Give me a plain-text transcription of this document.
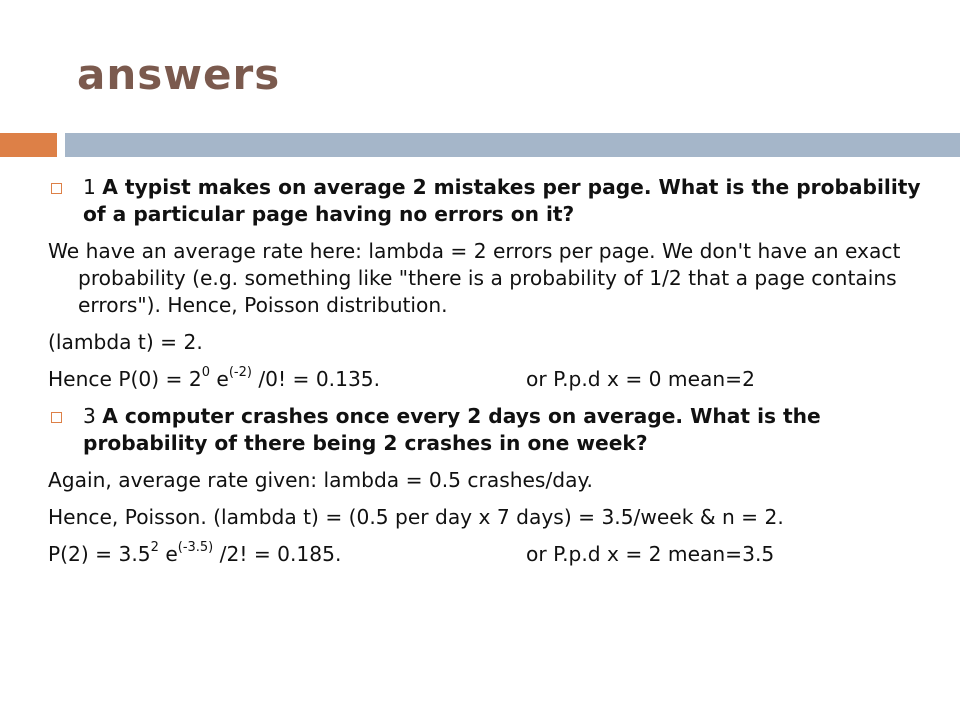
answers
1 A typist makes on average 2 mistakes per page. What is the probability of a particular page having no errors on it?

We have an average rate here: lambda = 2 errors per page. We don't have an exact probability (e.g. something like "there is a probability of 1/2 that a page contains errors"). Hence, Poisson distribution.

(lambda t) = 2.

Hence $P(0) = 2^0$ $e^{(-2)}$ /0! = 0.135.	or P.p.d x = 0 mean=2
3 A computer crashes once every 2 days on average. What is the probability of there being 2 crashes in one week?

Again, average rate given: lambda = 0.5 crashes/day.

Hence, Poisson. (lambda t) = (0.5 per day x 7 days) = 3.5/week & n = 2.

$P(2) = 3.5^2$ $e^{(-3.5)}$ /2! = 0.185.	or P.p.d x = 2 mean=3.5
